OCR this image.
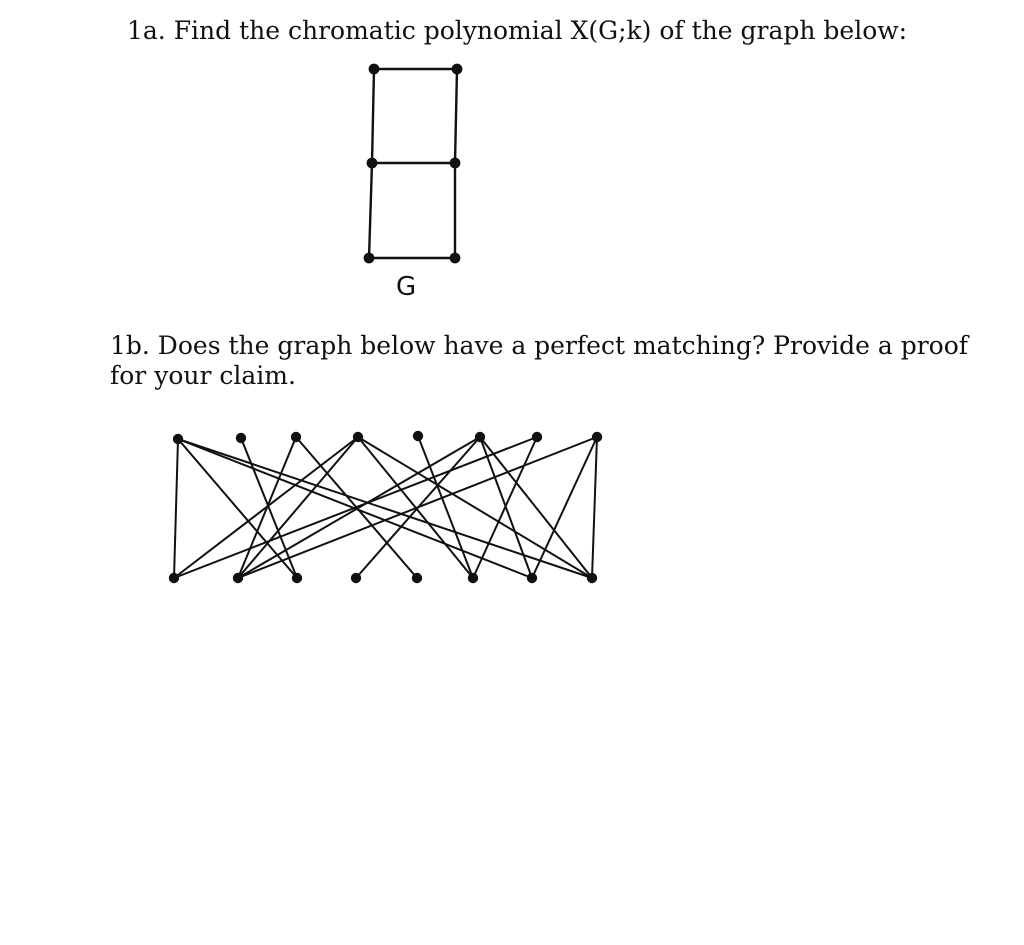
1a. Find the chromatic polynomial X(G;k) of the graph below:

G

1b. Does the graph below have a perfect matching? Provide a proof for your claim.
